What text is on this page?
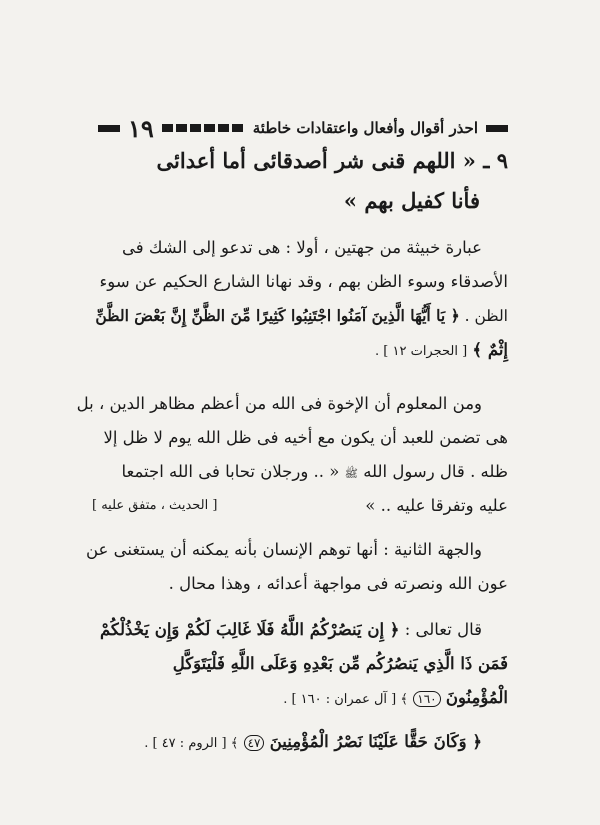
احذر أقوال وأفعال واعتقادات خاطئة
١٩
٩ ـ « اللهم قنى شر أصدقائى أما أعدائى
فأنا كفيل بهم »
عبارة خبيثة من جهتين ، أولا : هى تدعو إلى الشك فى
الأصدقاء وسوء الظن بهم ، وقد نهانا الشارع الحكيم عن سوء
الظن . ﴿ يَا أَيُّهَا الَّذِينَ آمَنُوا اجْتَنِبُوا كَثِيرًا مِّنَ الظَّنِّ إِنَّ بَعْضَ الظَّنِّ
إِثْمٌ ﴾ [ الحجرات ١٢ ] .
ومن المعلوم أن الإخوة فى الله من أعظم مظاهر الدين ، بل
هى تضمن للعبد أن يكون مع أخيه فى ظل الله يوم لا ظل إلا
ظله . قال رسول الله ﷺ « .. ورجلان تحابا فى الله اجتمعا
عليه وتفرقا عليه .. »
[ الحديث ، متفق عليه ]
والجهة الثانية : أنها توهم الإنسان بأنه يمكنه أن يستغنى عن
عون الله ونصرته فى مواجهة أعدائه ، وهذا محال .
قال تعالى : ﴿ إِن يَنصُرْكُمُ اللَّهُ فَلَا غَالِبَ لَكُمْ وَإِن يَخْذُلْكُمْ
فَمَن ذَا الَّذِي يَنصُرُكُم مِّن بَعْدِهِ وَعَلَى اللَّهِ فَلْيَتَوَكَّلِ
الْمُؤْمِنُونَ ١٦٠ ﴾ [ آل عمران : ١٦٠ ] .
﴿ وَكَانَ حَقًّا عَلَيْنَا نَصْرُ الْمُؤْمِنِينَ ٤٧ ﴾ [ الروم : ٤٧ ] .
